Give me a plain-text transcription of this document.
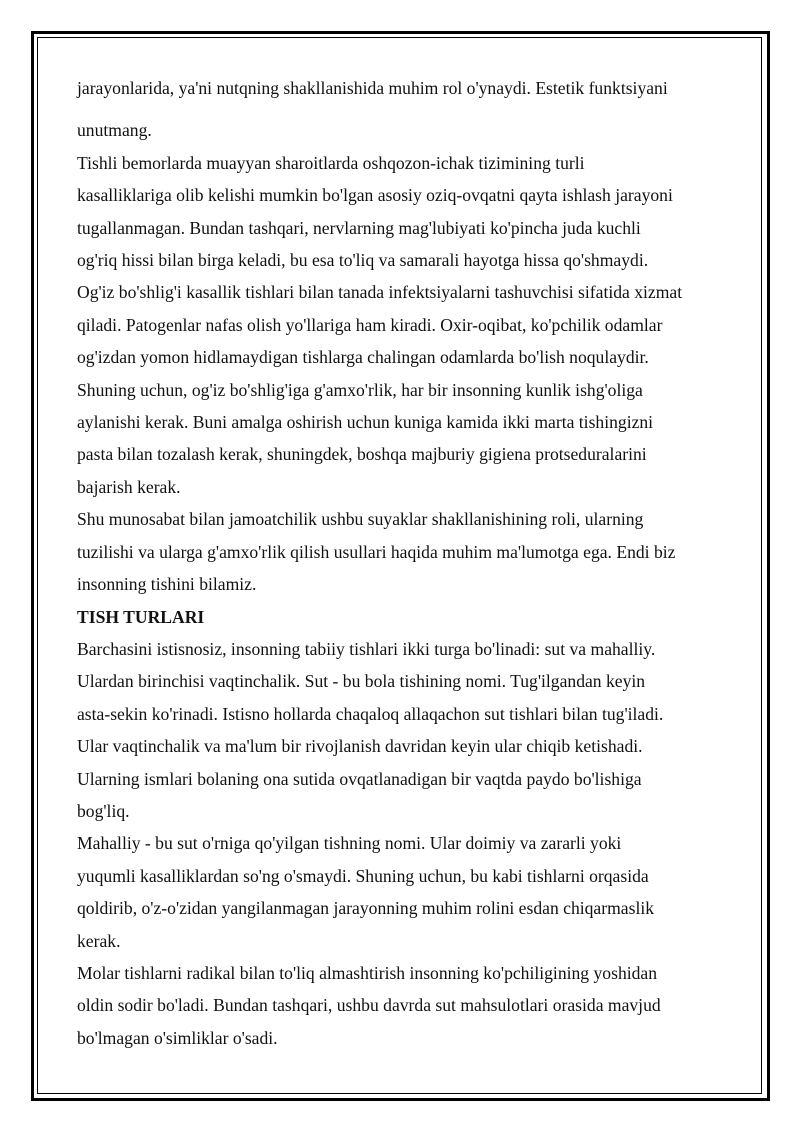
jarayonlarida, ya'ni nutqning shakllanishida muhim rol o'ynaydi. Estetik funktsiyani

unutmang.

Tishli bemorlarda muayyan sharoitlarda oshqozon-ichak tizimining turli

kasalliklariga olib kelishi mumkin bo'lgan asosiy oziq-ovqatni qayta ishlash jarayoni

tugallanmagan. Bundan tashqari, nervlarning mag'lubiyati ko'pincha juda kuchli

og'riq hissi bilan birga keladi, bu esa to'liq va samarali hayotga hissa qo'shmaydi.

Og'iz bo'shlig'i kasallik tishlari bilan tanada infektsiyalarni tashuvchisi sifatida xizmat

qiladi. Patogenlar nafas olish yo'llariga ham kiradi. Oxir-oqibat, ko'pchilik odamlar

og'izdan yomon hidlamaydigan tishlarga chalingan odamlarda bo'lish noqulaydir.

Shuning uchun, og'iz bo'shlig'iga g'amxo'rlik, har bir insonning kunlik ishg'oliga

aylanishi kerak. Buni amalga oshirish uchun kuniga kamida ikki marta tishingizni

pasta bilan tozalash kerak, shuningdek, boshqa majburiy gigiena protseduralarini

bajarish kerak.

Shu munosabat bilan jamoatchilik ushbu suyaklar shakllanishining roli, ularning

tuzilishi va ularga g'amxo'rlik qilish usullari haqida muhim ma'lumotga ega. Endi biz

insonning tishini bilamiz.

TISH TURLARI

Barchasini istisnosiz, insonning tabiiy tishlari ikki turga bo'linadi: sut va mahalliy.

Ulardan birinchisi vaqtinchalik. Sut - bu bola tishining nomi. Tug'ilgandan keyin

asta-sekin ko'rinadi. Istisno hollarda chaqaloq allaqachon sut tishlari bilan tug'iladi.

Ular vaqtinchalik va ma'lum bir rivojlanish davridan keyin ular chiqib ketishadi.

Ularning ismlari bolaning ona sutida ovqatlanadigan bir vaqtda paydo bo'lishiga

bog'liq.

Mahalliy - bu sut o'rniga qo'yilgan tishning nomi. Ular doimiy va zararli yoki

yuqumli kasalliklardan so'ng o'smaydi. Shuning uchun, bu kabi tishlarni orqasida

qoldirib, o'z-o'zidan yangilanmagan jarayonning muhim rolini esdan chiqarmaslik

kerak.

Molar tishlarni radikal bilan to'liq almashtirish insonning ko'pchiligining yoshidan

oldin sodir bo'ladi. Bundan tashqari, ushbu davrda sut mahsulotlari orasida mavjud

bo'lmagan o'simliklar o'sadi.
